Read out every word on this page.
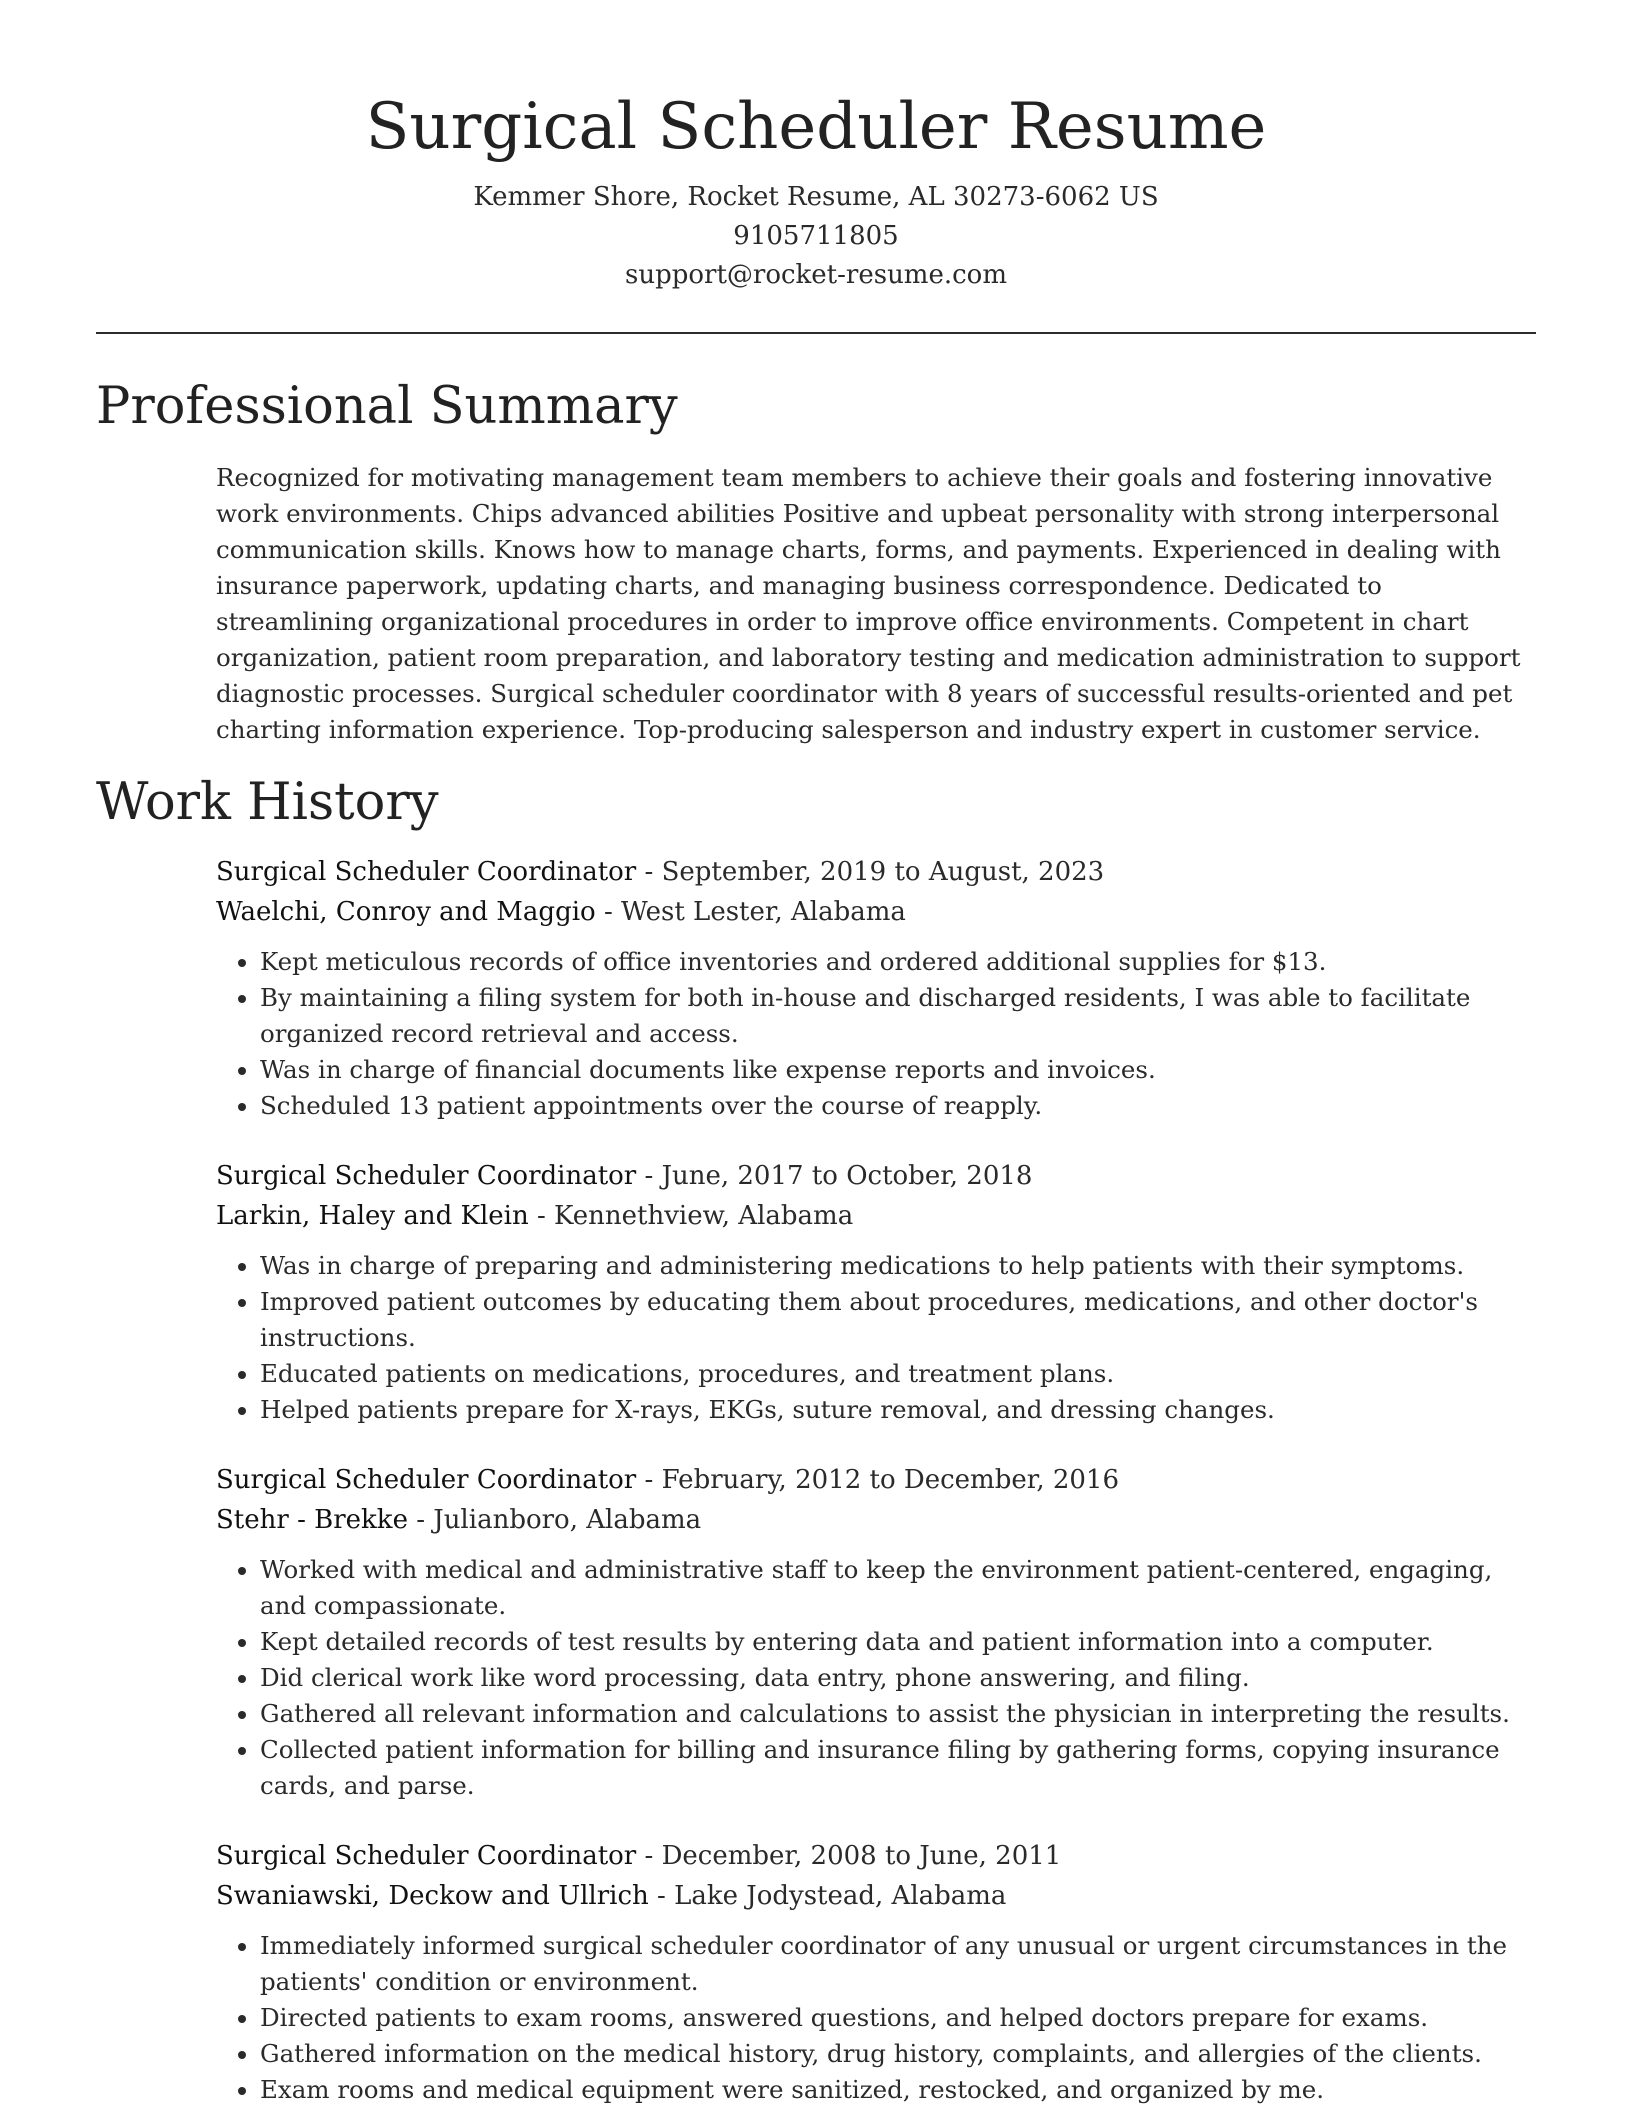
Surgical Scheduler Resume
Kemmer Shore, Rocket Resume, AL 30273-6062 US
9105711805
support@rocket-resume.com
Professional Summary

Recognized for motivating management team members to achieve their goals and fostering innovative work environments. Chips advanced abilities Positive and upbeat personality with strong interpersonal communication skills. Knows how to manage charts, forms, and payments. Experienced in dealing with insurance paperwork, updating charts, and managing business correspondence. Dedicated to streamlining organizational procedures in order to improve office environments. Competent in chart organization, patient room preparation, and laboratory testing and medication administration to support diagnostic processes. Surgical scheduler coordinator with 8 years of successful results-oriented and pet charting information experience. Top-producing salesperson and industry expert in customer service.

Work History
Surgical Scheduler Coordinator - September, 2019 to August, 2023
Waelchi, Conroy and Maggio - West Lester, Alabama
• Kept meticulous records of office inventories and ordered additional supplies for $13.
• By maintaining a filing system for both in-house and discharged residents, I was able to facilitate organized record retrieval and access.
• Was in charge of financial documents like expense reports and invoices.
• Scheduled 13 patient appointments over the course of reapply.
Surgical Scheduler Coordinator - June, 2017 to October, 2018
Larkin, Haley and Klein - Kennethview, Alabama
• Was in charge of preparing and administering medications to help patients with their symptoms.
• Improved patient outcomes by educating them about procedures, medications, and other doctor's instructions.
• Educated patients on medications, procedures, and treatment plans.
• Helped patients prepare for X-rays, EKGs, suture removal, and dressing changes.
Surgical Scheduler Coordinator - February, 2012 to December, 2016
Stehr - Brekke - Julianboro, Alabama
• Worked with medical and administrative staff to keep the environment patient-centered, engaging, and compassionate.
• Kept detailed records of test results by entering data and patient information into a computer.
• Did clerical work like word processing, data entry, phone answering, and filing.
• Gathered all relevant information and calculations to assist the physician in interpreting the results.
• Collected patient information for billing and insurance filing by gathering forms, copying insurance cards, and parse.
Surgical Scheduler Coordinator - December, 2008 to June, 2011
Swaniawski, Deckow and Ullrich - Lake Jodystead, Alabama
• Immediately informed surgical scheduler coordinator of any unusual or urgent circumstances in the patients' condition or environment.
• Directed patients to exam rooms, answered questions, and helped doctors prepare for exams.
• Gathered information on the medical history, drug history, complaints, and allergies of the clients.
• Exam rooms and medical equipment were sanitized, restocked, and organized by me.
